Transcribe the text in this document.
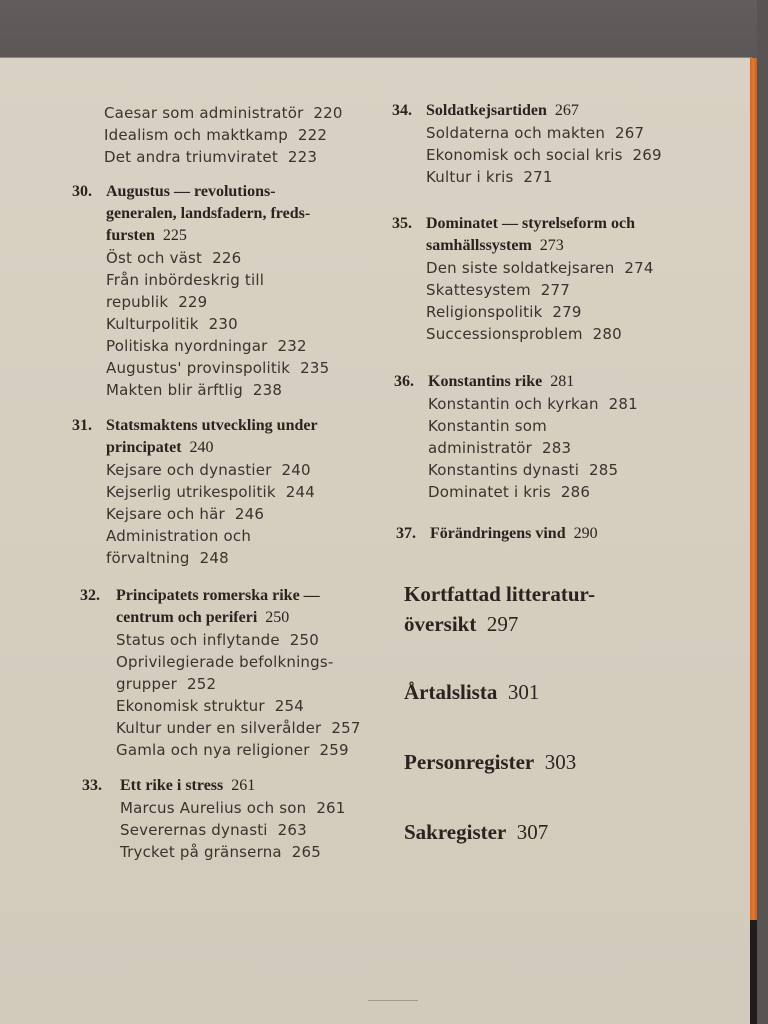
Caesar som administratör 220
Idealism och maktkamp 222
Det andra triumviratet 223
30. Augustus — revolutions-
generalen, landsfadern, freds-
fursten 225
Öst och väst 226
Från inbördeskrig till
republik 229
Kulturpolitik 230
Politiska nyordningar 232
Augustus' provinspolitik 235
Makten blir ärftlig 238
31. Statsmaktens utveckling under
principatet 240
Kejsare och dynastier 240
Kejserlig utrikespolitik 244
Kejsare och här 246
Administration och
förvaltning 248
32.	Principatets romerska rike —
centrum och periferi 250
Status och inflytande 250
Oprivilegierade befolknings-
grupper 252
Ekonomisk struktur 254
Kultur under en silverålder 257
Gamla och nya religioner 259
33.	Ett rike i stress 261
Marcus Aurelius och son 261
Severernas dynasti 263
Trycket på gränserna 265
34. Soldatkejsartiden 267
Soldaterna och makten 267
Ekonomisk och social kris 269
Kultur i kris 271
35. Dominatet — styrelseform och
samhällssystem 273
Den siste soldatkejsaren 274
Skattesystem 277
Religionspolitik 279
Successionsproblem 280
36. Konstantins rike 281
Konstantin och kyrkan 281
Konstantin som
administratör 283
Konstantins dynasti 285
Dominatet i kris 286
37. Förändringens vind 290
Kortfattad litteratur-
översikt 297
Årtalslista 301
Personregister 303
Sakregister 307
